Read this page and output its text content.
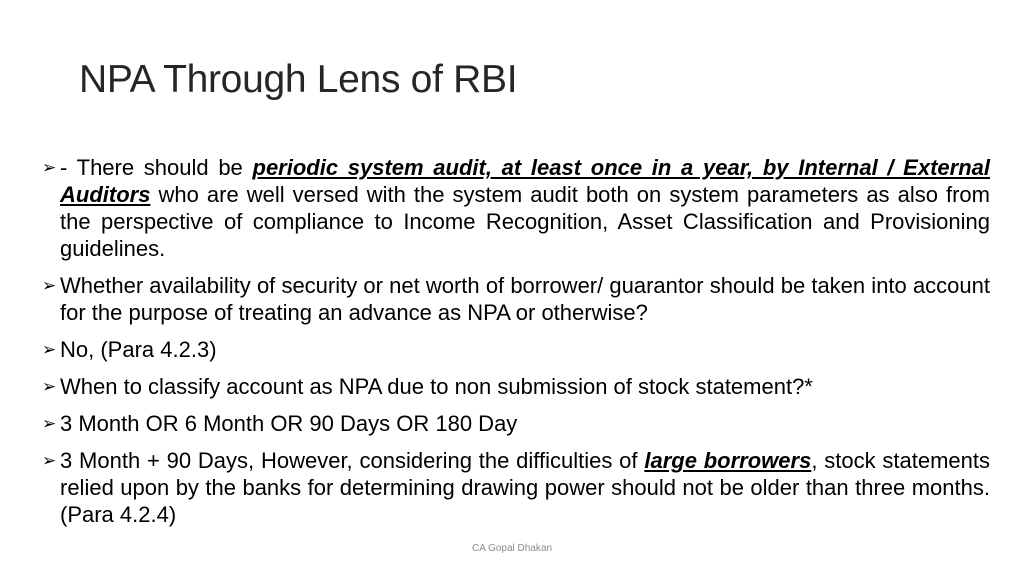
NPA Through Lens of RBI
➢ - There should be periodic system audit, at least once in a year, by Internal / External Auditors who are well versed with the system audit both on system parameters as also from the perspective of compliance to Income Recognition, Asset Classification and Provisioning guidelines.
➢ Whether availability of security or net worth of borrower/ guarantor should be taken into account for the purpose of treating an advance as NPA or otherwise?
➢ No, (Para 4.2.3)
➢ When to classify account as NPA due to non submission of stock statement?*
➢ 3 Month OR 6 Month OR 90 Days OR 180 Day
➢ 3 Month + 90 Days, However, considering the difficulties of large borrowers, stock statements relied upon by the banks for determining drawing power should not be older than three months. (Para 4.2.4)
CA Gopal Dhakan
